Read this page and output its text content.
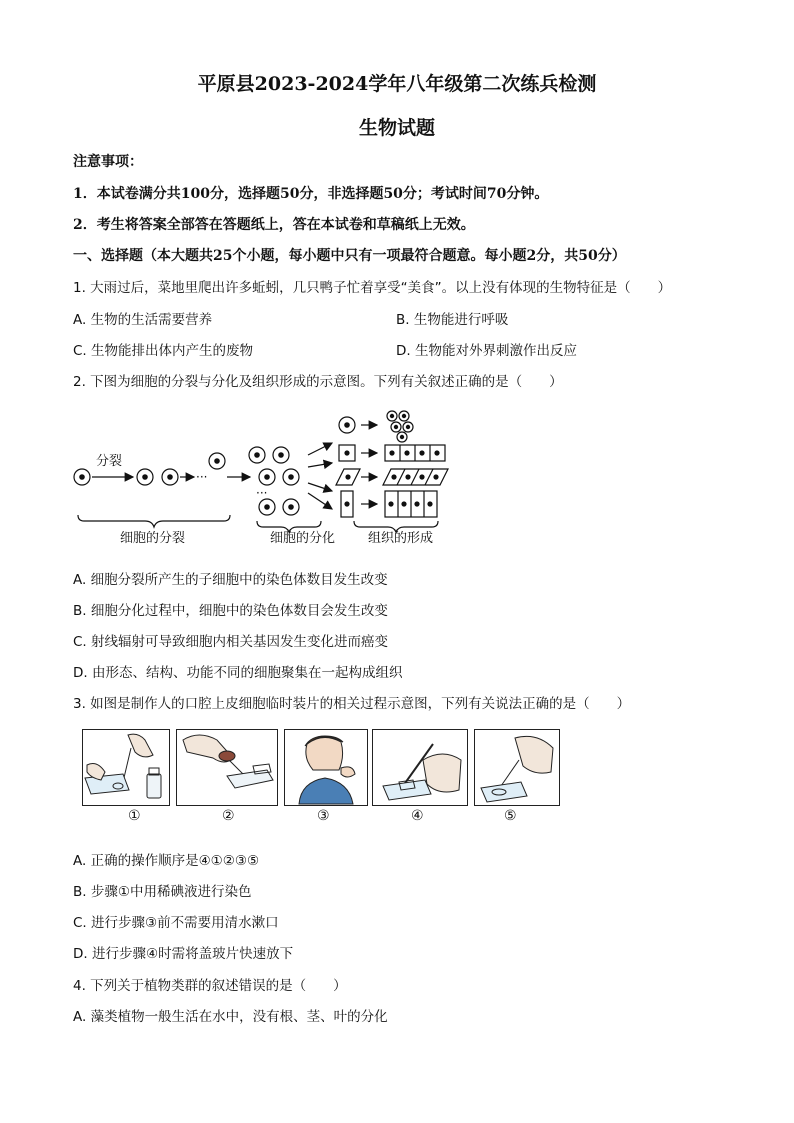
平原县2023-2024学年八年级第二次练兵检测
生物试题
注意事项：
1．本试卷满分共100分，选择题50分，非选择题50分；考试时间70分钟。
2．考生将答案全部答在答题纸上，答在本试卷和草稿纸上无效。
一、选择题（本大题共25个小题，每小题中只有一项最符合题意。每小题2分，共50分）
1. 大雨过后，菜地里爬出许多蚯蚓，几只鸭子忙着享受“美食”。以上没有体现的生物特征是（　　）
A. 生物的生活需要营养	B. 生物能进行呼吸
C. 生物能排出体内产生的废物	D. 生物能对外界刺激作出反应
2. 下图为细胞的分裂与分化及组织形成的示意图。下列有关叙述正确的是（　　）
分裂
···
···
细胞的分裂	细胞的分化	组织的形成
A. 细胞分裂所产生的子细胞中的染色体数目发生改变
B. 细胞分化过程中，细胞中的染色体数目会发生改变
C. 射线辐射可导致细胞内相关基因发生变化进而癌变
D. 由形态、结构、功能不同的细胞聚集在一起构成组织
3. 如图是制作人的口腔上皮细胞临时装片的相关过程示意图，下列有关说法正确的是（　　）
①	②	③	④	⑤
A. 正确的操作顺序是④①②③⑤
B. 步骤①中用稀碘液进行染色
C. 进行步骤③前不需要用清水漱口
D. 进行步骤④时需将盖玻片快速放下
4. 下列关于植物类群的叙述错误的是（　　）
A. 藻类植物一般生活在水中，没有根、茎、叶的分化
